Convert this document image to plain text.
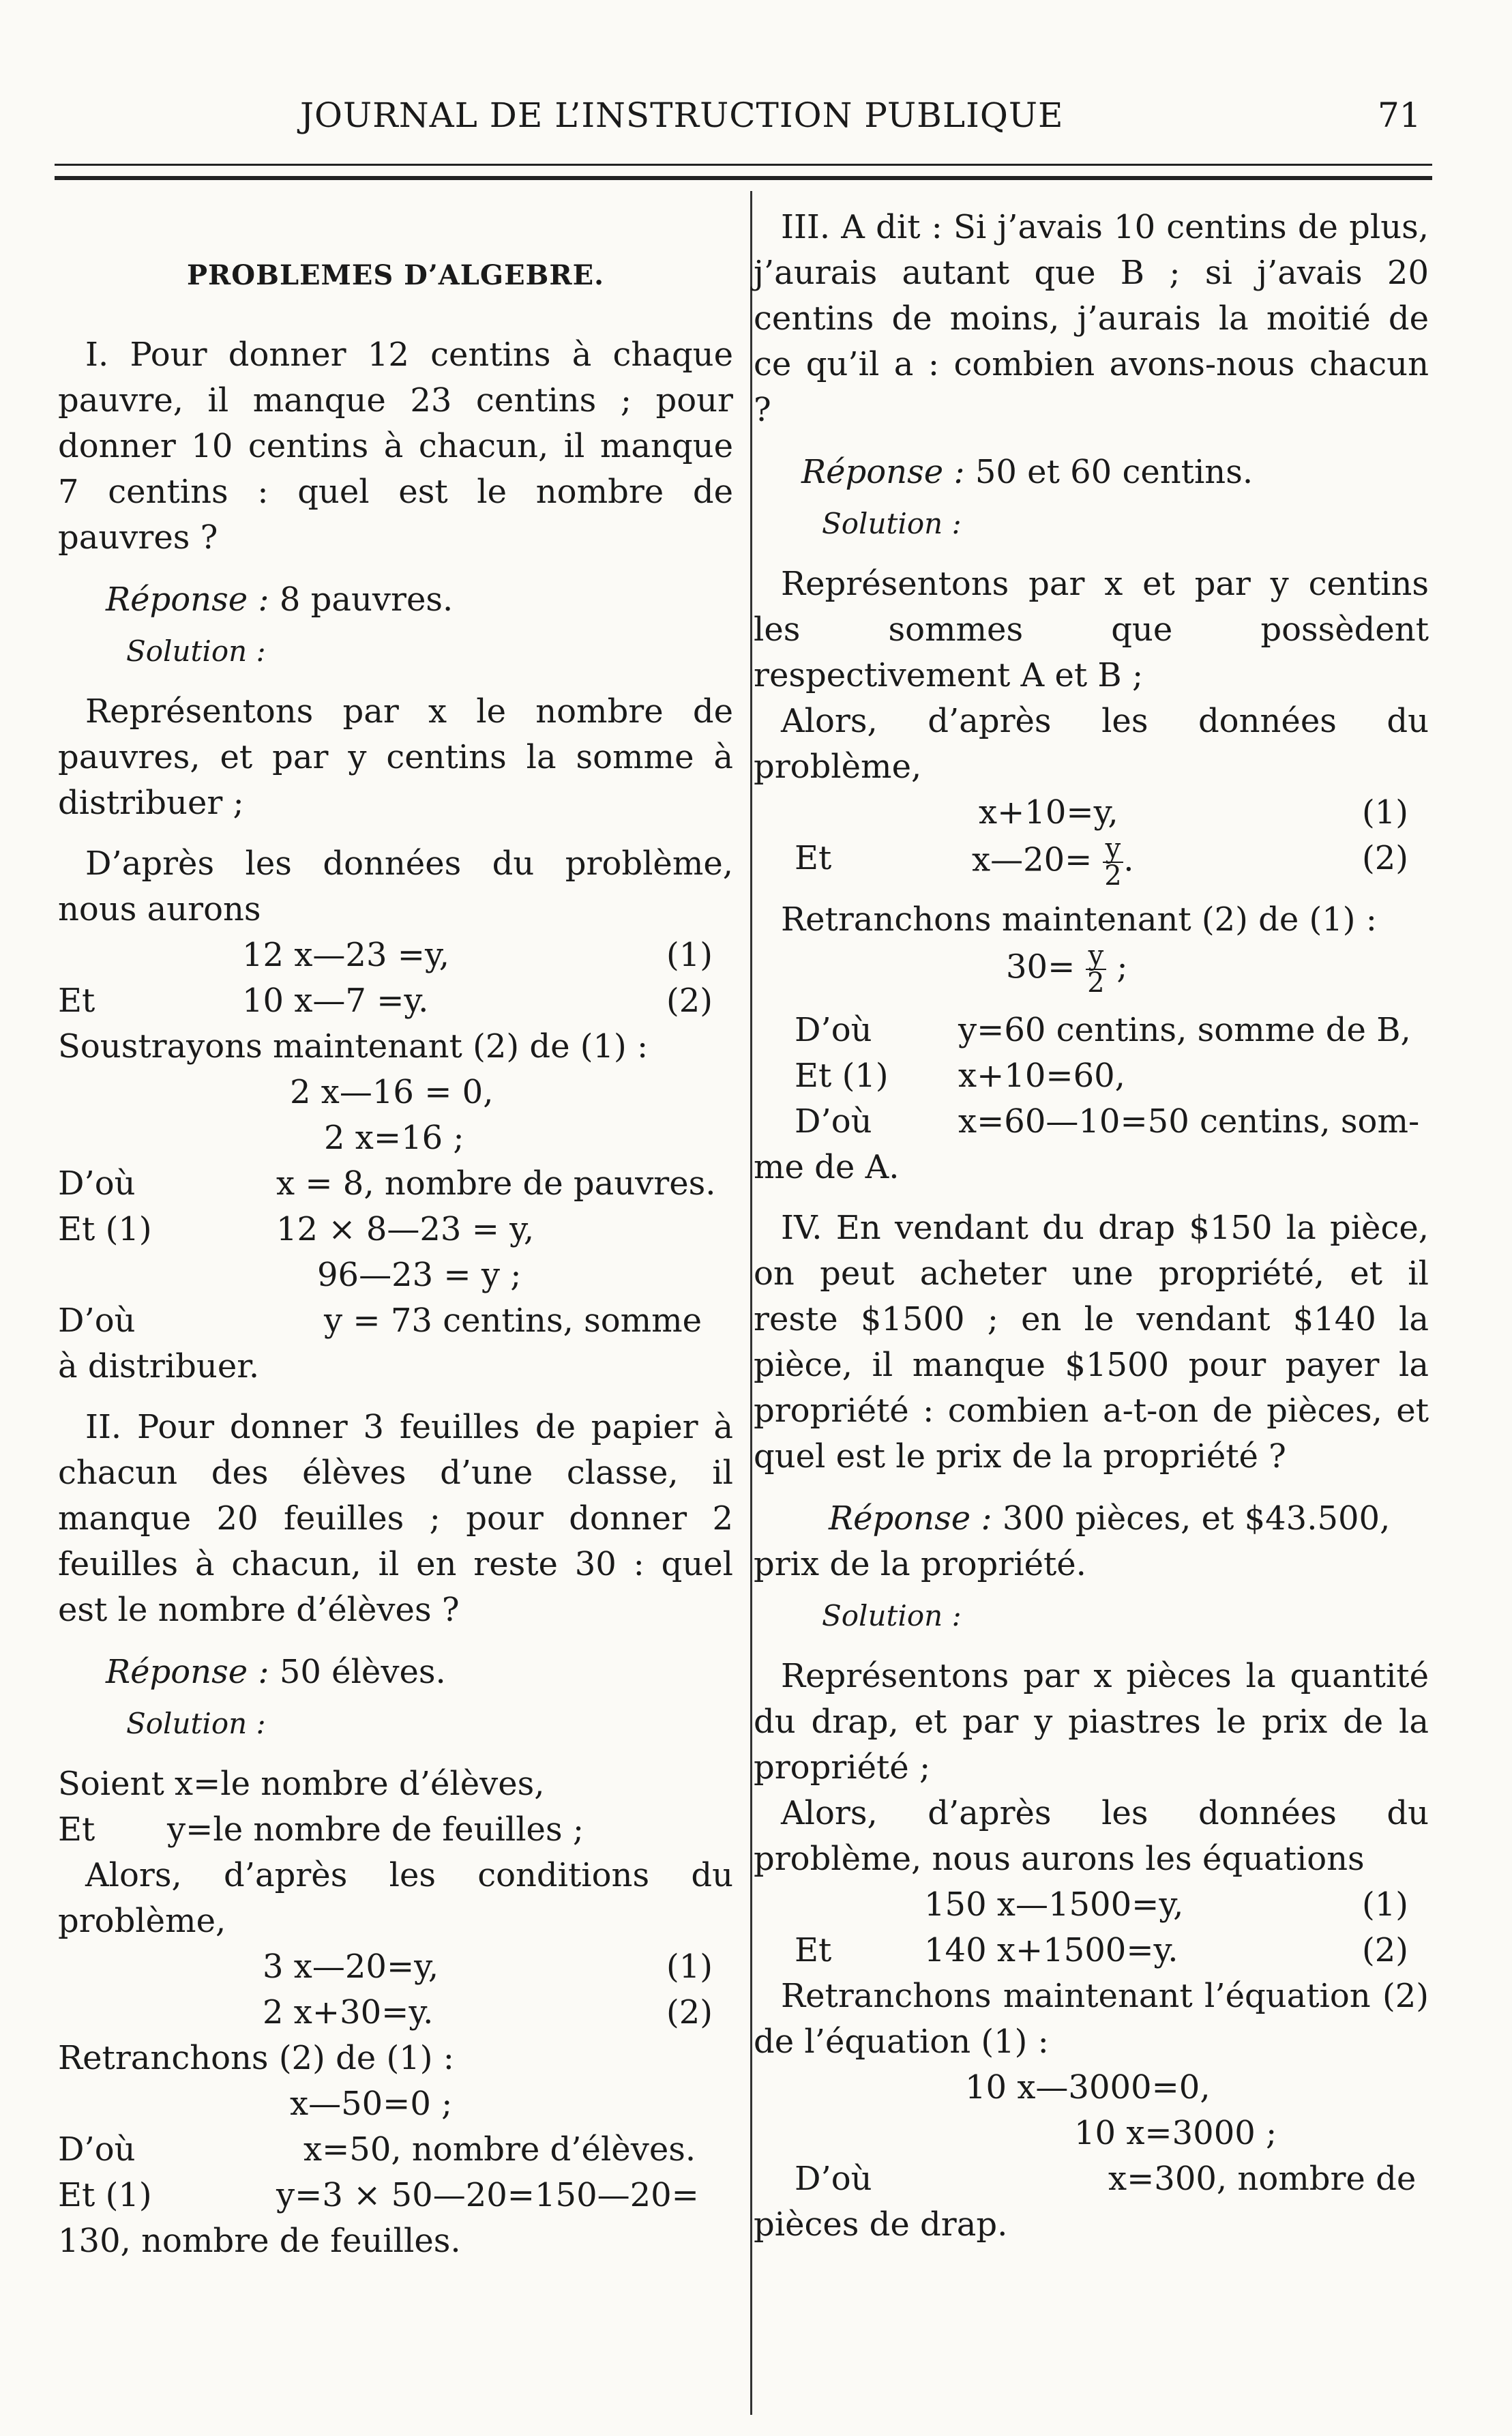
JOURNAL DE L’INSTRUCTION PUBLIQUE	71
PROBLEMES D’ALGEBRE.

I. Pour donner 12 centins à chaque pauvre, il manque 23 centins ; pour donner 10 centins à chacun, il manque 7 centins : quel est le nombre de pauvres ?

Réponse : 8 pauvres.
Solution :

Représentons par x le nombre de pauvres, et par y centins la somme à distribuer ;

D’après les données du problème, nous aurons

12 x—23 =y,	(1)
Et	10 x—7 =y.	(2)

Soustrayons maintenant (2) de (1) :

2 x—16 = 0,
2 x=16 ;
D’où	x = 8, nombre de pauvres.
Et (1)	12 × 8—23 = y,
96—23 = y ;
D’où	y = 73 centins, somme

à distribuer.

II. Pour donner 3 feuilles de papier à chacun des élèves d’une classe, il manque 20 feuilles ; pour donner 2 feuilles à chacun, il en reste 30 : quel est le nombre d’élèves ?

Réponse : 50 élèves.
Solution :

Soient x=le nombre d’élèves,

Et y=le nombre de feuilles ;

Alors, d’après les conditions du problème,

3 x—20=y,	(1)
2 x+30=y.	(2)

Retranchons (2) de (1) :

x—50=0 ;
D’où	x=50, nombre d’élèves.
Et (1)	y=3 × 50—20=150—20=

130, nombre de feuilles.

III. A dit : Si j’avais 10 centins de plus, j’aurais autant que B ; si j’avais 20 centins de moins, j’aurais la moitié de ce qu’il a : combien avons-nous chacun ?

Réponse : 50 et 60 centins.
Solution :

Représentons par x et par y centins les sommes que possèdent respectivement A et B ;

Alors, d’après les données du problème,

x+10=y,	(1)
Et	x—20= $\frac{y}{2}$ .	(2)

Retranchons maintenant (2) de (1) :

$30= \frac{y}{2}$ ;
D’où	y=60 centins, somme de B,
Et (1) x+10=60,
D’où	x=60—10=50 centins, som-

me de A.

IV. En vendant du drap $150 la pièce, on peut acheter une propriété, et il reste $1500 ; en le vendant $140 la pièce, il manque $1500 pour payer la propriété : combien a-t-on de pièces, et quel est le prix de la propriété ?

Réponse : 300 pièces, et $43.500, prix de la propriété.
Solution :

Représentons par x pièces la quantité du drap, et par y piastres le prix de la propriété ;

Alors, d’après les données du problème, nous aurons les équations

150 x—1500=y,	(1)
Et	140 x+1500=y.	(2)

Retranchons maintenant l’équation (2) de l’équation (1) :

10 x—3000=0,
10 x=3000 ;
D’où	x=300, nombre de

pièces de drap.
